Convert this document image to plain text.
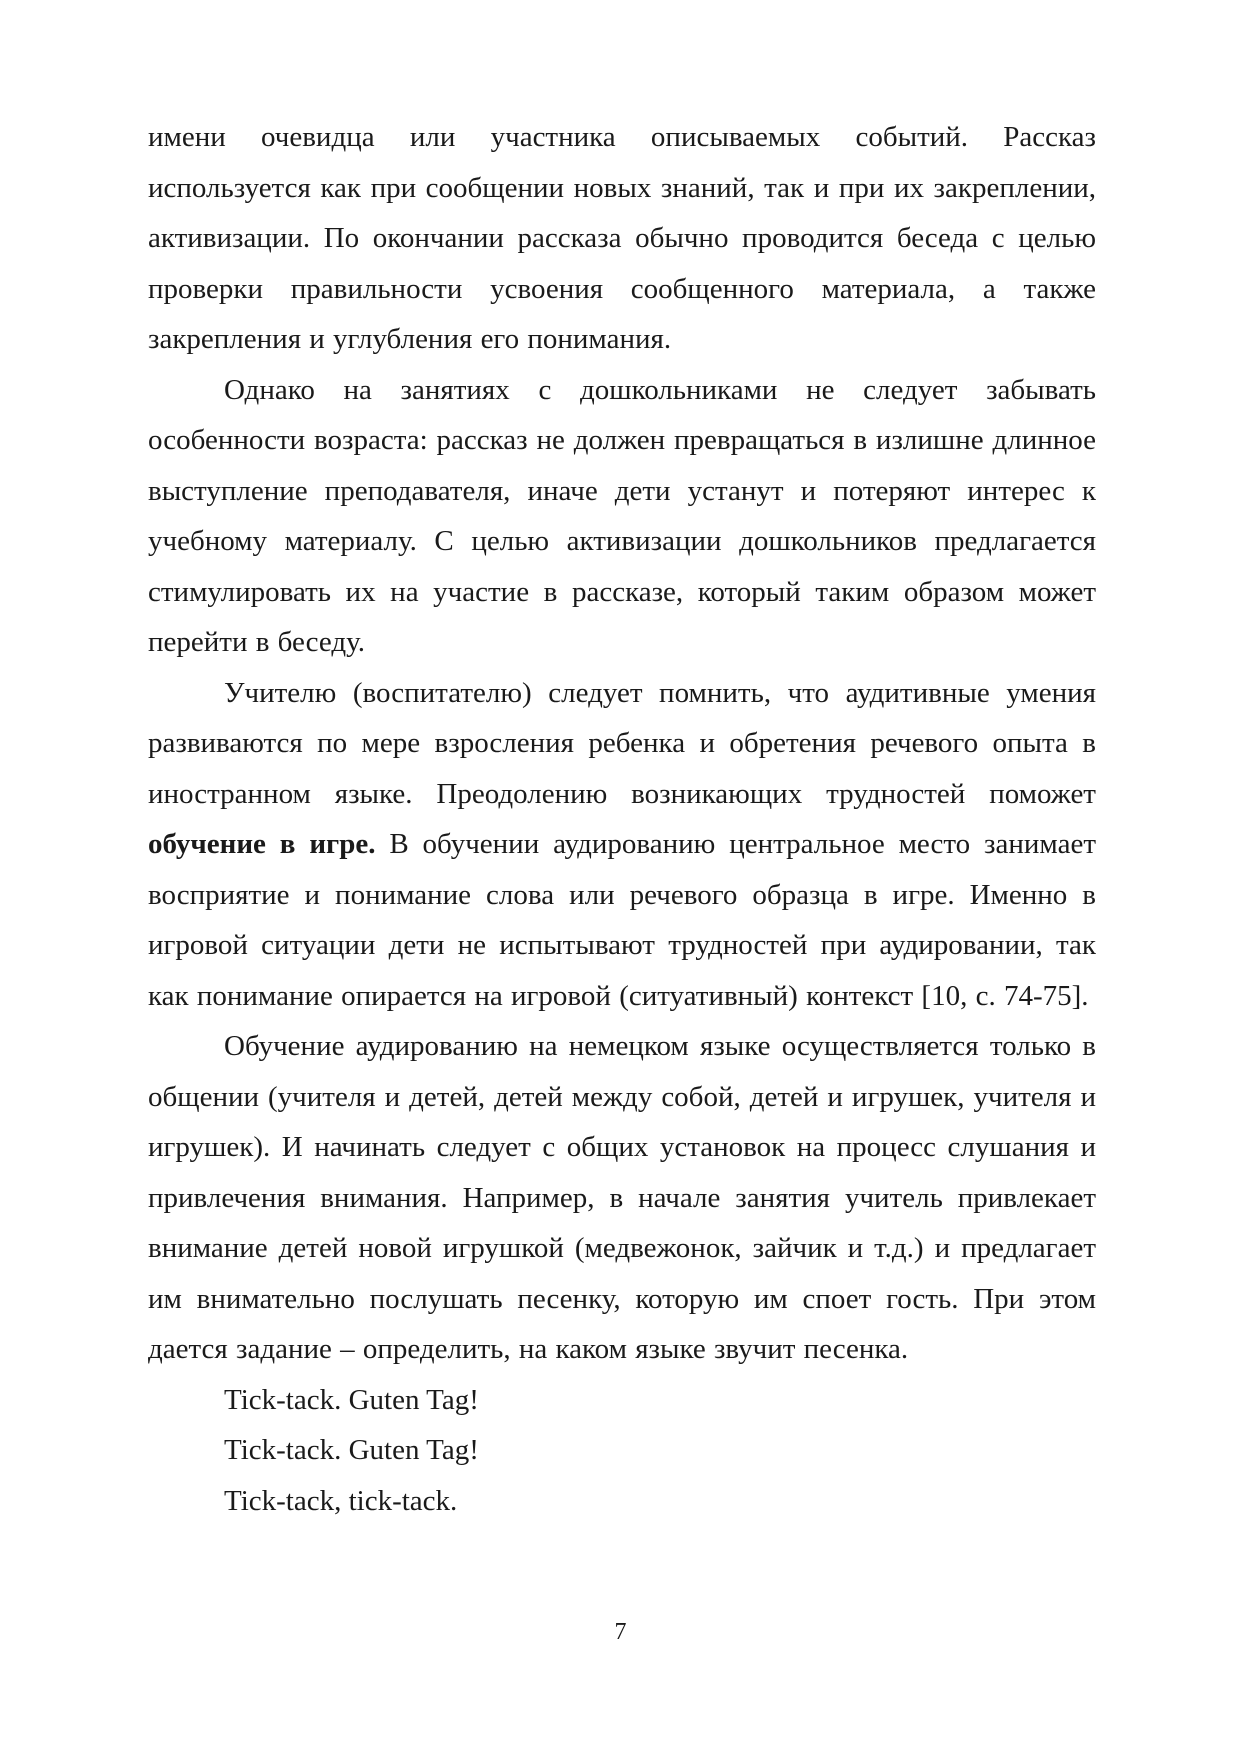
имени очевидца или участника описываемых событий. Рассказ используется как при сообщении новых знаний, так и при их закреплении, активизации. По окончании рассказа обычно проводится беседа с целью проверки правильности усвоения сообщенного материала, а также закрепления и углубления его понимания.

Однако на занятиях с дошкольниками не следует забывать особенности возраста: рассказ не должен превращаться в излишне длинное выступление преподавателя, иначе дети устанут и потеряют интерес к учебному материалу. С целью активизации дошкольников предлагается стимулировать их на участие в рассказе, который таким образом может перейти в беседу.

Учителю (воспитателю) следует помнить, что аудитивные умения развиваются по мере взросления ребенка и обретения речевого опыта в иностранном языке. Преодолению возникающих трудностей поможет обучение в игре. В обучении аудированию центральное место занимает восприятие и понимание слова или речевого образца в игре. Именно в игровой ситуации дети не испытывают трудностей при аудировании, так как понимание опирается на игровой (ситуативный) контекст [10, с. 74-75].

Обучение аудированию на немецком языке осуществляется только в общении (учителя и детей, детей между собой, детей и игрушек, учителя и игрушек). И начинать следует с общих установок на процесс слушания и привлечения внимания. Например, в начале занятия учитель привлекает внимание детей новой игрушкой (медвежонок, зайчик и т.д.) и предлагает им внимательно послушать песенку, которую им споет гость. При этом дается задание – определить, на каком языке звучит песенка.

Tick-tack. Guten Tag!

Tick-tack. Guten Tag!

Tick-tack, tick-tack.

7
